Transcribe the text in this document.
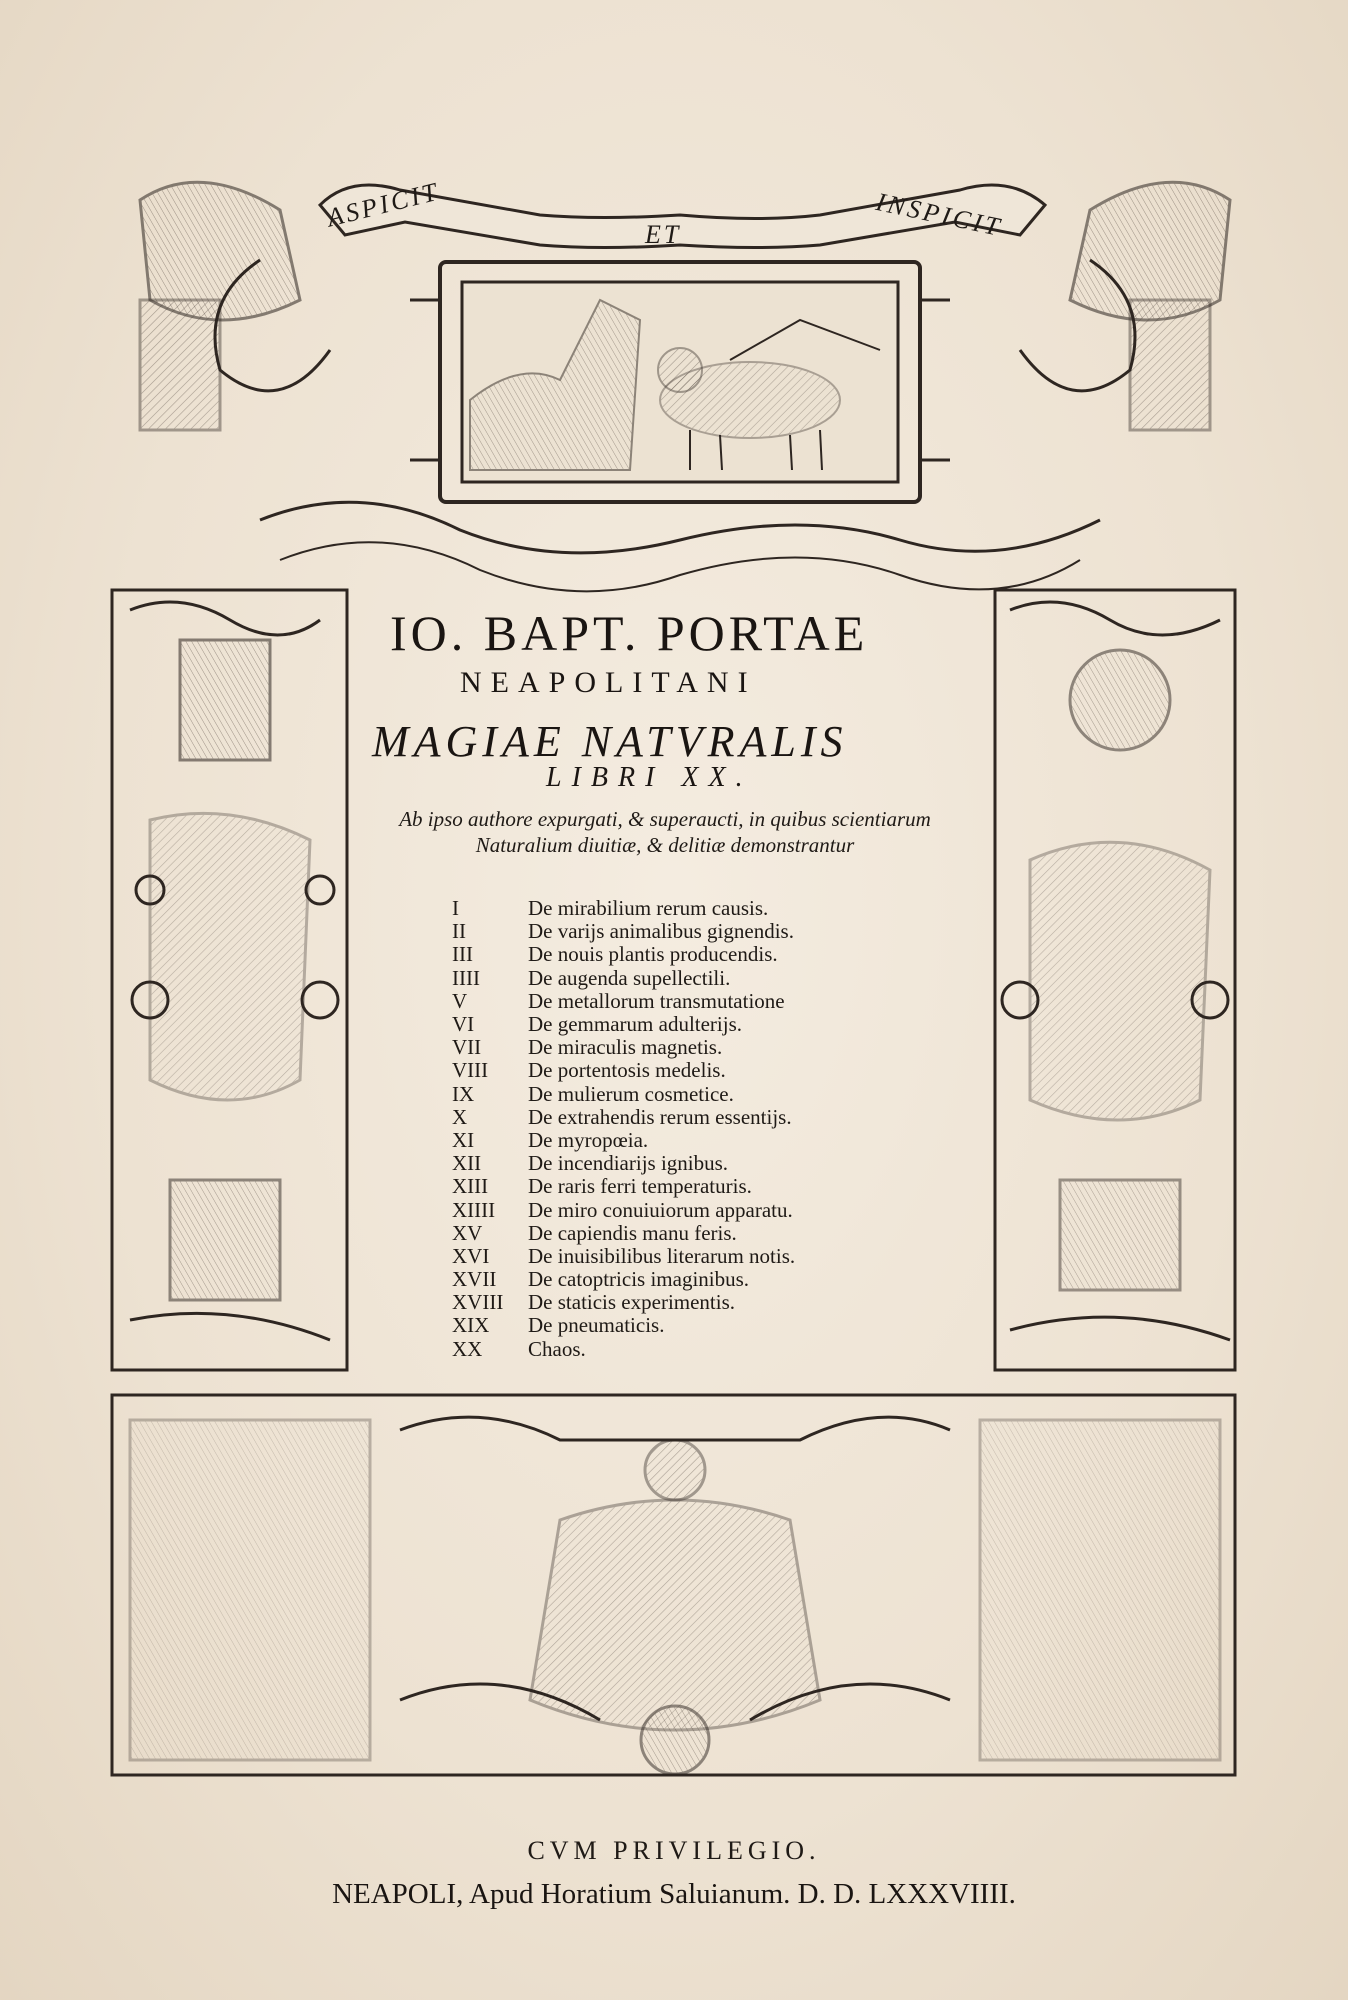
ASPICIT
ET	INSPICIT
IO. BAPT. PORTAE
NEAPOLITANI
MAGIAE NATVRALIS
LIBRI XX.
Ab ipso authore expurgati, & superaucti, in quibus scientiarum Naturalium diuitiæ, & delitiæ demonstrantur
I	De mirabilium rerum causis.
II	De varijs animalibus gignendis.
III	De nouis plantis producendis.
IIII	De augenda supellectili.
V	De metallorum transmutatione
VI	De gemmarum adulterijs.
VII	De miraculis magnetis.
VIII	De portentosis medelis.
IX	De mulierum cosmetice.
X	De extrahendis rerum essentijs.
XI	De myropœia.
XII	De incendiarijs ignibus.
XIII	De raris ferri temperaturis.
XIIII	De miro conuiuiorum apparatu.
XV	De capiendis manu feris.
XVI	De inuisibilibus literarum notis.
XVII	De catoptricis imaginibus.
XVIII	De staticis experimentis.
XIX	De pneumaticis.
XX	Chaos.
CVM PRIVILEGIO.
NEAPOLI, Apud Horatium Saluianum. D. D. LXXXVIIII.
